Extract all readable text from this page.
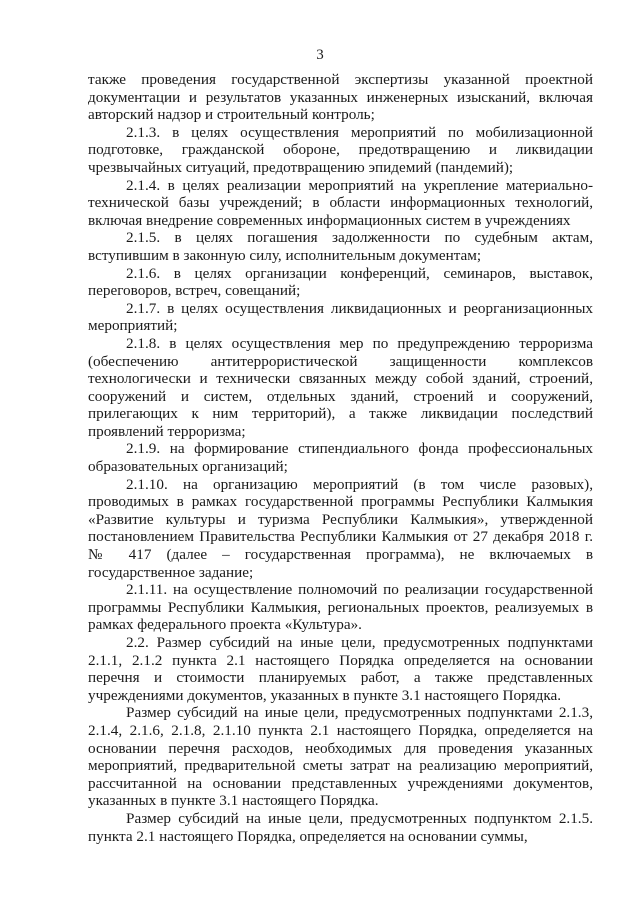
3

также проведения государственной экспертизы указанной проектной документации и результатов указанных инженерных изысканий, включая авторский надзор и строительный контроль;

2.1.3. в целях осуществления мероприятий по мобилизационной подготовке, гражданской обороне, предотвращению и ликвидации чрезвычайных ситуаций, предотвращению эпидемий (пандемий);

2.1.4. в целях реализации мероприятий на укрепление материально-технической базы учреждений; в области информационных технологий, включая внедрение современных информационных систем в учреждениях

2.1.5. в целях погашения задолженности по судебным актам, вступившим в законную силу, исполнительным документам;

2.1.6. в целях организации конференций, семинаров, выставок, переговоров, встреч, совещаний;

2.1.7. в целях осуществления ликвидационных и реорганизационных мероприятий;

2.1.8. в целях осуществления мер по предупреждению терроризма (обеспечению антитеррористической защищенности комплексов технологически и технически связанных между собой зданий, строений, сооружений и систем, отдельных зданий, строений и сооружений, прилегающих к ним территорий), а также ликвидации последствий проявлений терроризма;

2.1.9. на формирование стипендиального фонда профессиональных образовательных организаций;

2.1.10. на организацию мероприятий (в том числе разовых), проводимых в рамках государственной программы Республики Калмыкия «Развитие культуры и туризма Республики Калмыкия», утвержденной постановлением Правительства Республики Калмыкия от 27 декабря 2018 г. № 417 (далее – государственная программа), не включаемых в государственное задание;

2.1.11. на осуществление полномочий по реализации государственной программы Республики Калмыкия, региональных проектов, реализуемых в рамках федерального проекта «Культура».

2.2. Размер субсидий на иные цели, предусмотренных подпунктами 2.1.1, 2.1.2 пункта 2.1 настоящего Порядка определяется на основании перечня и стоимости планируемых работ, а также представленных учреждениями документов, указанных в пункте 3.1 настоящего Порядка.

Размер субсидий на иные цели, предусмотренных подпунктами 2.1.3, 2.1.4, 2.1.6, 2.1.8, 2.1.10 пункта 2.1 настоящего Порядка, определяется на основании перечня расходов, необходимых для проведения указанных мероприятий, предварительной сметы затрат на реализацию мероприятий, рассчитанной на основании представленных учреждениями документов, указанных в пункте 3.1 настоящего Порядка.

Размер субсидий на иные цели, предусмотренных подпунктом 2.1.5. пункта 2.1 настоящего Порядка, определяется на основании суммы,
